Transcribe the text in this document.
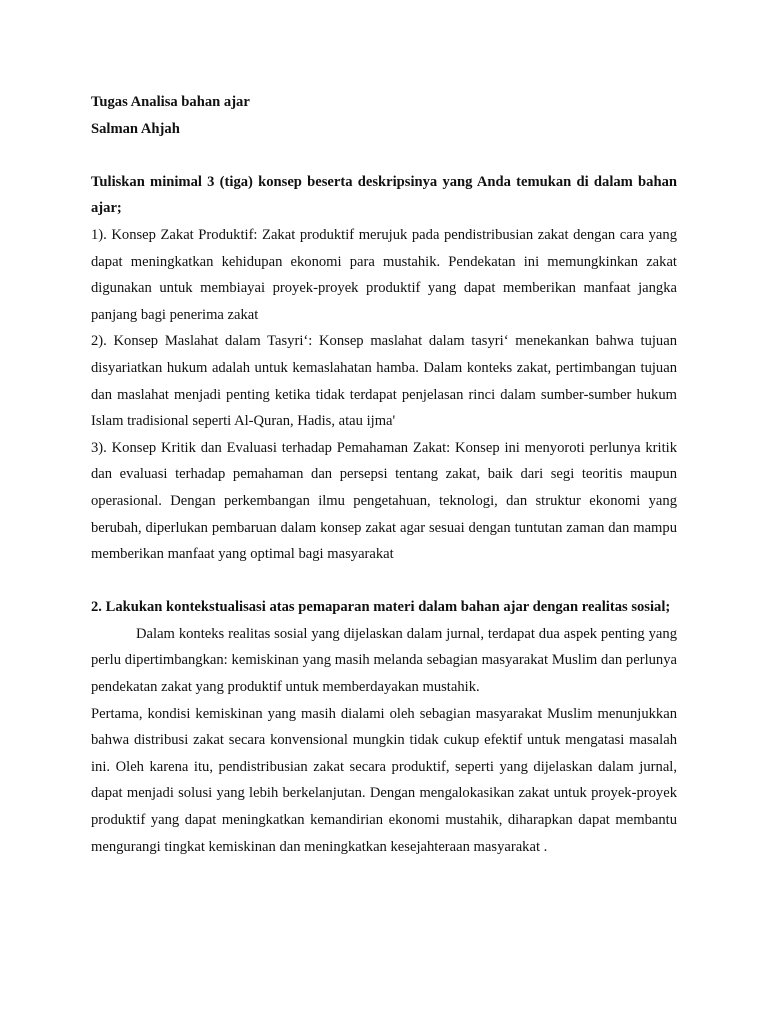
Tugas Analisa bahan ajar

Salman Ahjah

Tuliskan minimal 3 (tiga) konsep beserta deskripsinya yang Anda temukan di dalam bahan ajar;

1). Konsep Zakat Produktif: Zakat produktif merujuk pada pendistribusian zakat dengan cara yang dapat meningkatkan kehidupan ekonomi para mustahik. Pendekatan ini memungkinkan zakat digunakan untuk membiayai proyek-proyek produktif yang dapat memberikan manfaat jangka panjang bagi penerima zakat

2). Konsep Maslahat dalam Tasyri‘: Konsep maslahat dalam tasyri‘ menekankan bahwa tujuan disyariatkan hukum adalah untuk kemaslahatan hamba. Dalam konteks zakat, pertimbangan tujuan dan maslahat menjadi penting ketika tidak terdapat penjelasan rinci dalam sumber-sumber hukum Islam tradisional seperti Al-Quran, Hadis, atau ijma'

3). Konsep Kritik dan Evaluasi terhadap Pemahaman Zakat: Konsep ini menyoroti perlunya kritik dan evaluasi terhadap pemahaman dan persepsi tentang zakat, baik dari segi teoritis maupun operasional. Dengan perkembangan ilmu pengetahuan, teknologi, dan struktur ekonomi yang berubah, diperlukan pembaruan dalam konsep zakat agar sesuai dengan tuntutan zaman dan mampu memberikan manfaat yang optimal bagi masyarakat

2. Lakukan kontekstualisasi atas pemaparan materi dalam bahan ajar dengan realitas sosial;

Dalam konteks realitas sosial yang dijelaskan dalam jurnal, terdapat dua aspek penting yang perlu dipertimbangkan: kemiskinan yang masih melanda sebagian masyarakat Muslim dan perlunya pendekatan zakat yang produktif untuk memberdayakan mustahik.

Pertama, kondisi kemiskinan yang masih dialami oleh sebagian masyarakat Muslim menunjukkan bahwa distribusi zakat secara konvensional mungkin tidak cukup efektif untuk mengatasi masalah ini. Oleh karena itu, pendistribusian zakat secara produktif, seperti yang dijelaskan dalam jurnal, dapat menjadi solusi yang lebih berkelanjutan. Dengan mengalokasikan zakat untuk proyek-proyek produktif yang dapat meningkatkan kemandirian ekonomi mustahik, diharapkan dapat membantu mengurangi tingkat kemiskinan dan meningkatkan kesejahteraan masyarakat .
